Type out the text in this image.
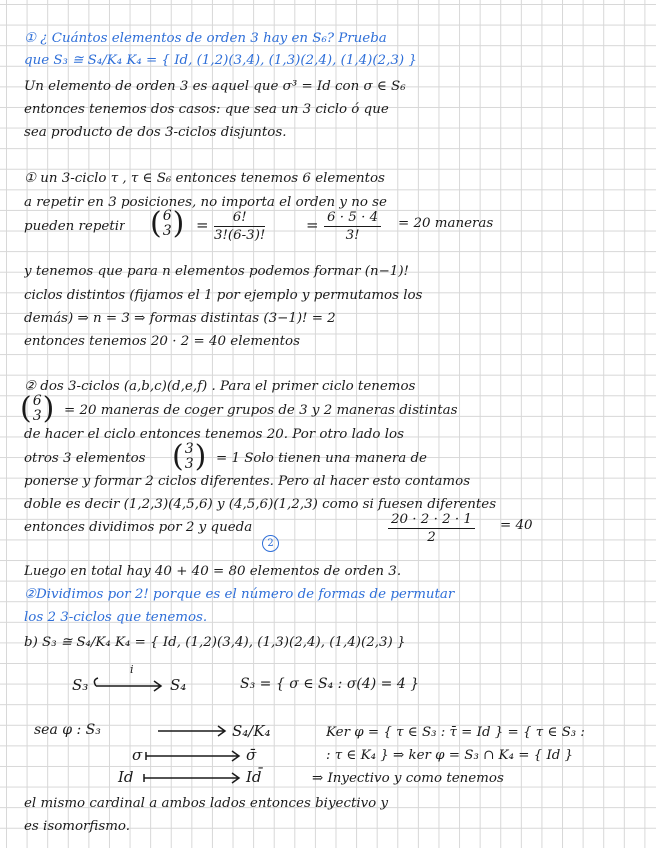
① ¿ Cuántos elementos de orden 3 hay en S₆? Prueba
que S₃ ≅ S₄/K₄ K₄ = { Id, (1,2)(3,4), (1,3)(2,4), (1,4)(2,3) }
Un elemento de orden 3 es aquel que σ³ = Id con σ ∈ S₆
entonces tenemos dos casos: que sea un 3 ciclo ó que
sea producto de dos 3-ciclos disjuntos.
① un 3-ciclo τ , τ ∈ S₆ entonces tenemos 6 elementos
a repetir en 3 posiciones, no importa el orden y no se
pueden repetir (6
$3) = \frac{6!}{3!(6-3)!}$	= $\frac{6 \cdot 5 \cdot 4}{3!} = 20$ maneras
y tenemos que para n elementos podemos formar (n−1)!
ciclos distintos (fijamos el 1 por ejemplo y permutamos los
demás) ⇒ n = 3 ⇒ formas distintas (3−1)! = 2
entonces tenemos 20 · 2 = 40 elementos
② dos 3-ciclos (a,b,c)(d,e,f) . Para el primer ciclo tenemos
(6
3) = 20 maneras de coger grupos de 3 y 2 maneras distintas
de hacer el ciclo entonces tenemos 20. Por otro lado los
otros 3 elementos (3
3) = 1 Solo tienen una manera de
ponerse y formar 2 ciclos diferentes. Pero al hacer esto contamos
doble es decir (1,2,3)(4,5,6) y (4,5,6)(1,2,3) como si fuesen diferentes
entonces dividimos por 2 y queda
2	$\frac{20 \cdot 2 \cdot 2 \cdot 1}{2} = 40$
Luego en total hay 40 + 40 = 80 elementos de orden 3.
②Dividimos por 2! porque es el número de formas de permutar
los 2 3-ciclos que tenemos.
b) S₃ ≅ S₄/K₄ K₄ = { Id, (1,2)(3,4), (1,3)(2,4), (1,4)(2,3) }
S₃
i
S₄	S₃ = { σ ∈ S₄ : σ(4) = 4 }
sea φ : S₃	S₄/K₄
σ	σ̄
Id	Id̄
Ker φ = { τ ∈ S₃ : τ̄ = Id } = { τ ∈ S₃ :
: τ ∈ K₄ } ⇒ ker φ = S₃ ∩ K₄ = { Id }
⇒ Inyectivo y como tenemos
el mismo cardinal a ambos lados entonces biyectivo y
es isomorfismo.
